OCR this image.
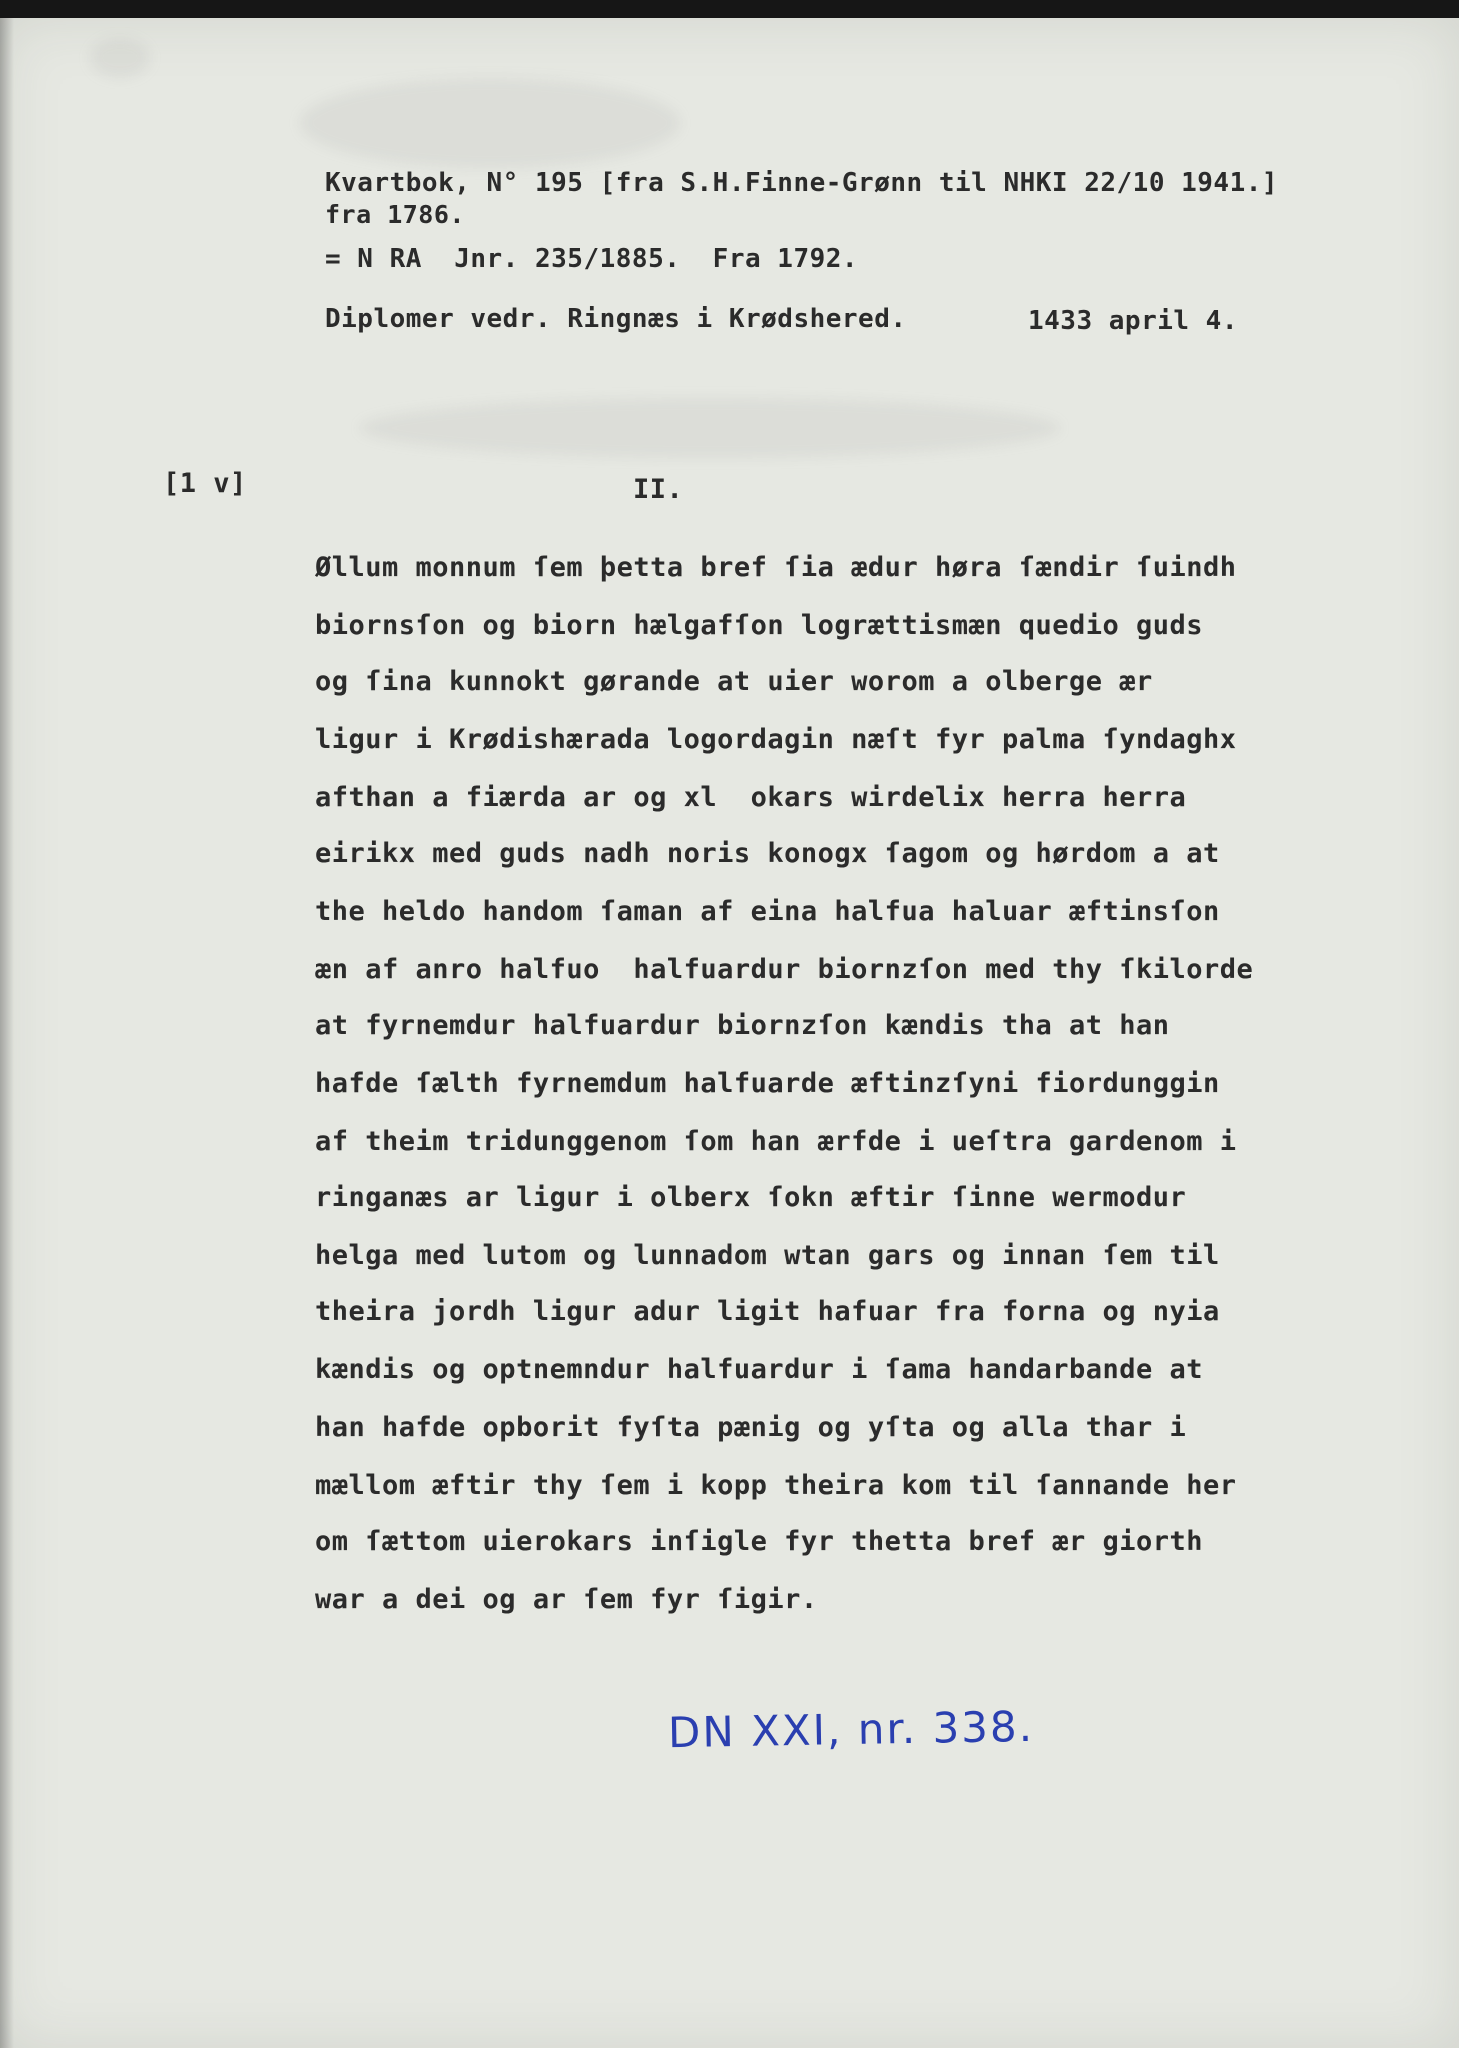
Kvartbok, N° 195 [fra S.H.Finne-Grønn til NHKI 22/10 1941.]
fra 1786.
= N RA  Jnr. 235/1885.  Fra 1792.
Diplomer vedr. Ringnæs i Krødshered.	1433 april 4.
[1 v]	II.
Øllum monnum ſem þetta bref ſia ædur høra ſændir ſuindh
biornsſon og biorn hælgafſon logrættismæn quedio guds
og ſina kunnokt gørande at uier worom a olberge ær
ligur i Krødishærada logordagin næſt fyr palma ſyndaghx
afthan a fiærda ar og xl  okars wirdelix herra herra
eirikx med guds nadh noris konogx ſagom og hørdom a at
the heldo handom ſaman af eina halfua haluar æftinsſon
æn af anro halfuo  halfuardur biornzſon med thy ſkilorde
at fyrnemdur halfuardur biornzſon kændis tha at han
hafde ſælth fyrnemdum halfuarde æftinzſyni fiordunggin
af theim tridunggenom ſom han ærfde i ueſtra gardenom i
ringanæs ar ligur i olberx ſokn æftir ſinne wermodur
helga med lutom og lunnadom wtan gars og innan ſem til
theira jordh ligur adur ligit hafuar fra forna og nyia
kændis og optnemndur halfuardur i ſama handarbande at
han hafde opborit fyſta pænig og yſta og alla thar i
mællom æftir thy ſem i kopp theira kom til ſannande her
om ſættom uierokars inſigle fyr thetta bref ær giorth
war a dei og ar ſem fyr ſigir.
DN XXI, nr. 338.
